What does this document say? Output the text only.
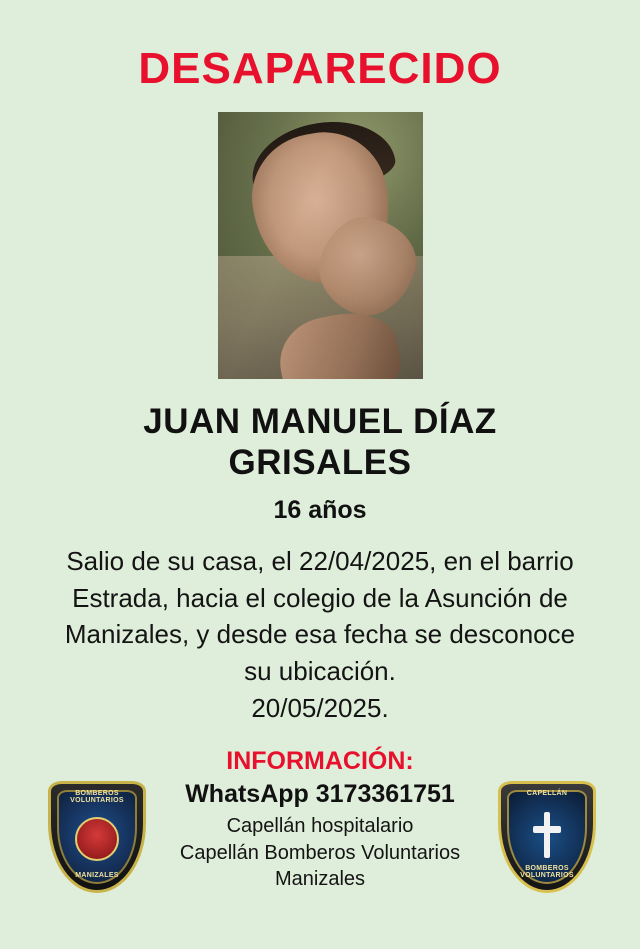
DESAPARECIDO
JUAN MANUEL DÍAZ GRISALES
16 años
Salio de su casa, el 22/04/2025, en el barrio Estrada, hacia el colegio de la Asunción de Manizales, y desde esa fecha se desconoce su ubicación.
20/05/2025.
INFORMACIÓN:
WhatsApp 3173361751
Capellán hospitalario
Capellán Bomberos Voluntarios
Manizales
BOMBEROS VOLUNTARIOS
MANIZALES
CAPELLÁN
BOMBEROS VOLUNTARIOS
